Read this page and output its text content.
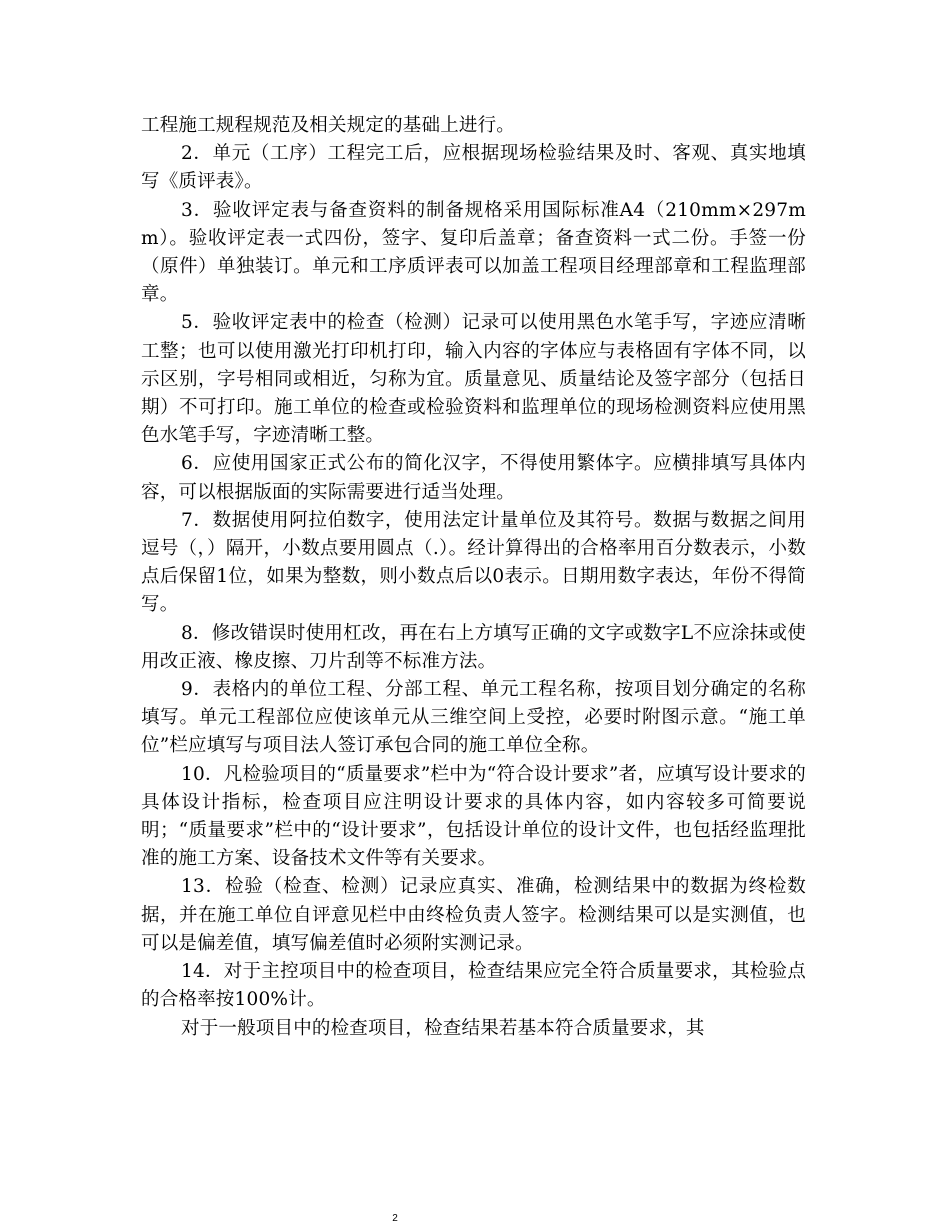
工程施工规程规范及相关规定的基础上进行。

2．单元（工序）工程完工后，应根据现场检验结果及时、客观、真实地填写《质评表》。

3．验收评定表与备查资料的制备规格采用国际标准A4（210mm×297mm）。验收评定表一式四份，签字、复印后盖章；备查资料一式二份。手签一份（原件）单独装订。单元和工序质评表可以加盖工程项目经理部章和工程监理部章。

5．验收评定表中的检查（检测）记录可以使用黑色水笔手写，字迹应清晰工整；也可以使用激光打印机打印，输入内容的字体应与表格固有字体不同，以示区别，字号相同或相近，匀称为宜。质量意见、质量结论及签字部分（包括日期）不可打印。施工单位的检查或检验资料和监理单位的现场检测资料应使用黑色水笔手写，字迹清晰工整。

6．应使用国家正式公布的简化汉字，不得使用繁体字。应横排填写具体内容，可以根据版面的实际需要进行适当处理。

7．数据使用阿拉伯数字，使用法定计量单位及其符号。数据与数据之间用逗号（，）隔开，小数点要用圆点（.）。经计算得出的合格率用百分数表示，小数点后保留1位，如果为整数，则小数点后以0表示。日期用数字表达，年份不得简写。

8．修改错误时使用杠改，再在右上方填写正确的文字或数字L不应涂抹或使用改正液、橡皮擦、刀片刮等不标准方法。

9．表格内的单位工程、分部工程、单元工程名称，按项目划分确定的名称填写。单元工程部位应使该单元从三维空间上受控，必要时附图示意。“施工单位”栏应填写与项目法人签订承包合同的施工单位全称。

10．凡检验项目的“质量要求”栏中为“符合设计要求”者，应填写设计要求的具体设计指标，检查项目应注明设计要求的具体内容，如内容较多可简要说明；“质量要求”栏中的“设计要求”，包括设计单位的设计文件，也包括经监理批准的施工方案、设备技术文件等有关要求。

13．检验（检查、检测）记录应真实、准确，检测结果中的数据为终检数据，并在施工单位自评意见栏中由终检负责人签字。检测结果可以是实测值，也可以是偏差值，填写偏差值时必须附实测记录。

14．对于主控项目中的检查项目，检查结果应完全符合质量要求，其检验点的合格率按100%计。

对于一般项目中的检查项目，检查结果若基本符合质量要求，其

2
